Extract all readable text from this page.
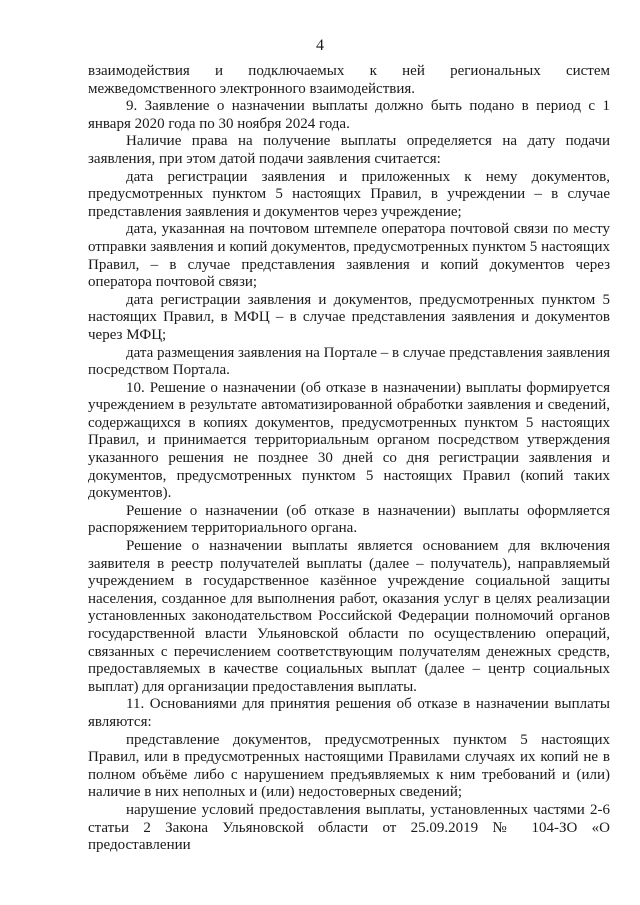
4

взаимодействия и подключаемых к ней региональных систем межведомственного электронного взаимодействия.

9. Заявление о назначении выплаты должно быть подано в период с 1 января 2020 года по 30 ноября 2024 года.

Наличие права на получение выплаты определяется на дату подачи заявления, при этом датой подачи заявления считается:

дата регистрации заявления и приложенных к нему документов, предусмотренных пунктом 5 настоящих Правил, в учреждении – в случае представления заявления и документов через учреждение;

дата, указанная на почтовом штемпеле оператора почтовой связи по месту отправки заявления и копий документов, предусмотренных пунктом 5 настоящих Правил, – в случае представления заявления и копий документов через оператора почтовой связи;

дата регистрации заявления и документов, предусмотренных пунктом 5 настоящих Правил, в МФЦ – в случае представления заявления и документов через МФЦ;

дата размещения заявления на Портале – в случае представления заявления посредством Портала.

10. Решение о назначении (об отказе в назначении) выплаты формируется учреждением в результате автоматизированной обработки заявления и сведений, содержащихся в копиях документов, предусмотренных пунктом 5 настоящих Правил, и принимается территориальным органом посредством утверждения указанного решения не позднее 30 дней со дня регистрации заявления и документов, предусмотренных пунктом 5 настоящих Правил (копий таких документов).

Решение о назначении (об отказе в назначении) выплаты оформляется распоряжением территориального органа.

Решение о назначении выплаты является основанием для включения заявителя в реестр получателей выплаты (далее – получатель), направляемый учреждением в государственное казённое учреждение социальной защиты населения, созданное для выполнения работ, оказания услуг в целях реализации установленных законодательством Российской Федерации полномочий органов государственной власти Ульяновской области по осуществлению операций, связанных с перечислением соответствующим получателям денежных средств, предоставляемых в качестве социальных выплат (далее – центр социальных выплат) для организации предоставления выплаты.

11. Основаниями для принятия решения об отказе в назначении выплаты являются:

представление документов, предусмотренных пунктом 5 настоящих Правил, или в предусмотренных настоящими Правилами случаях их копий не в полном объёме либо с нарушением предъявляемых к ним требований и (или) наличие в них неполных и (или) недостоверных сведений;

нарушение условий предоставления выплаты, установленных частями 2-6 статьи 2 Закона Ульяновской области от 25.09.2019 № 104-ЗО «О предоставлении
